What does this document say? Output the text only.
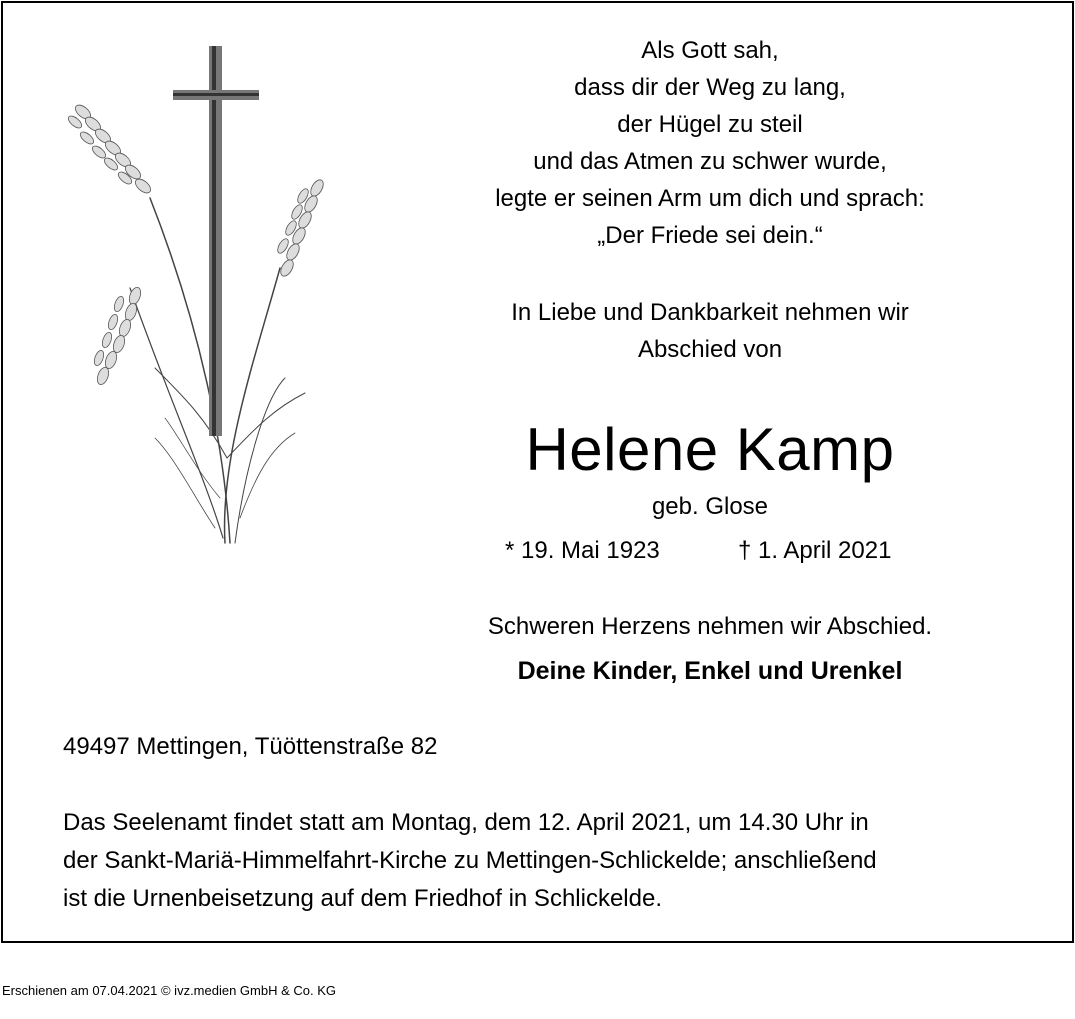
Als Gott sah,
dass dir der Weg zu lang,
der Hügel zu steil
und das Atmen zu schwer wurde,
legte er seinen Arm um dich und sprach:
„Der Friede sei dein.“
In Liebe und Dankbarkeit nehmen wir
Abschied von
Helene Kamp
geb. Glose
* 19. Mai 1923	† 1. April 2021
Schweren Herzens nehmen wir Abschied.
Deine Kinder, Enkel und Urenkel
49497 Mettingen, Tüöttenstraße 82
Das Seelenamt findet statt am Montag, dem 12. April 2021, um 14.30 Uhr in
der Sankt-Mariä-Himmelfahrt-Kirche zu Mettingen-Schlickelde; anschließend
ist die Urnenbeisetzung auf dem Friedhof in Schlickelde.
Erschienen am 07.04.2021 © ivz.medien GmbH & Co. KG
